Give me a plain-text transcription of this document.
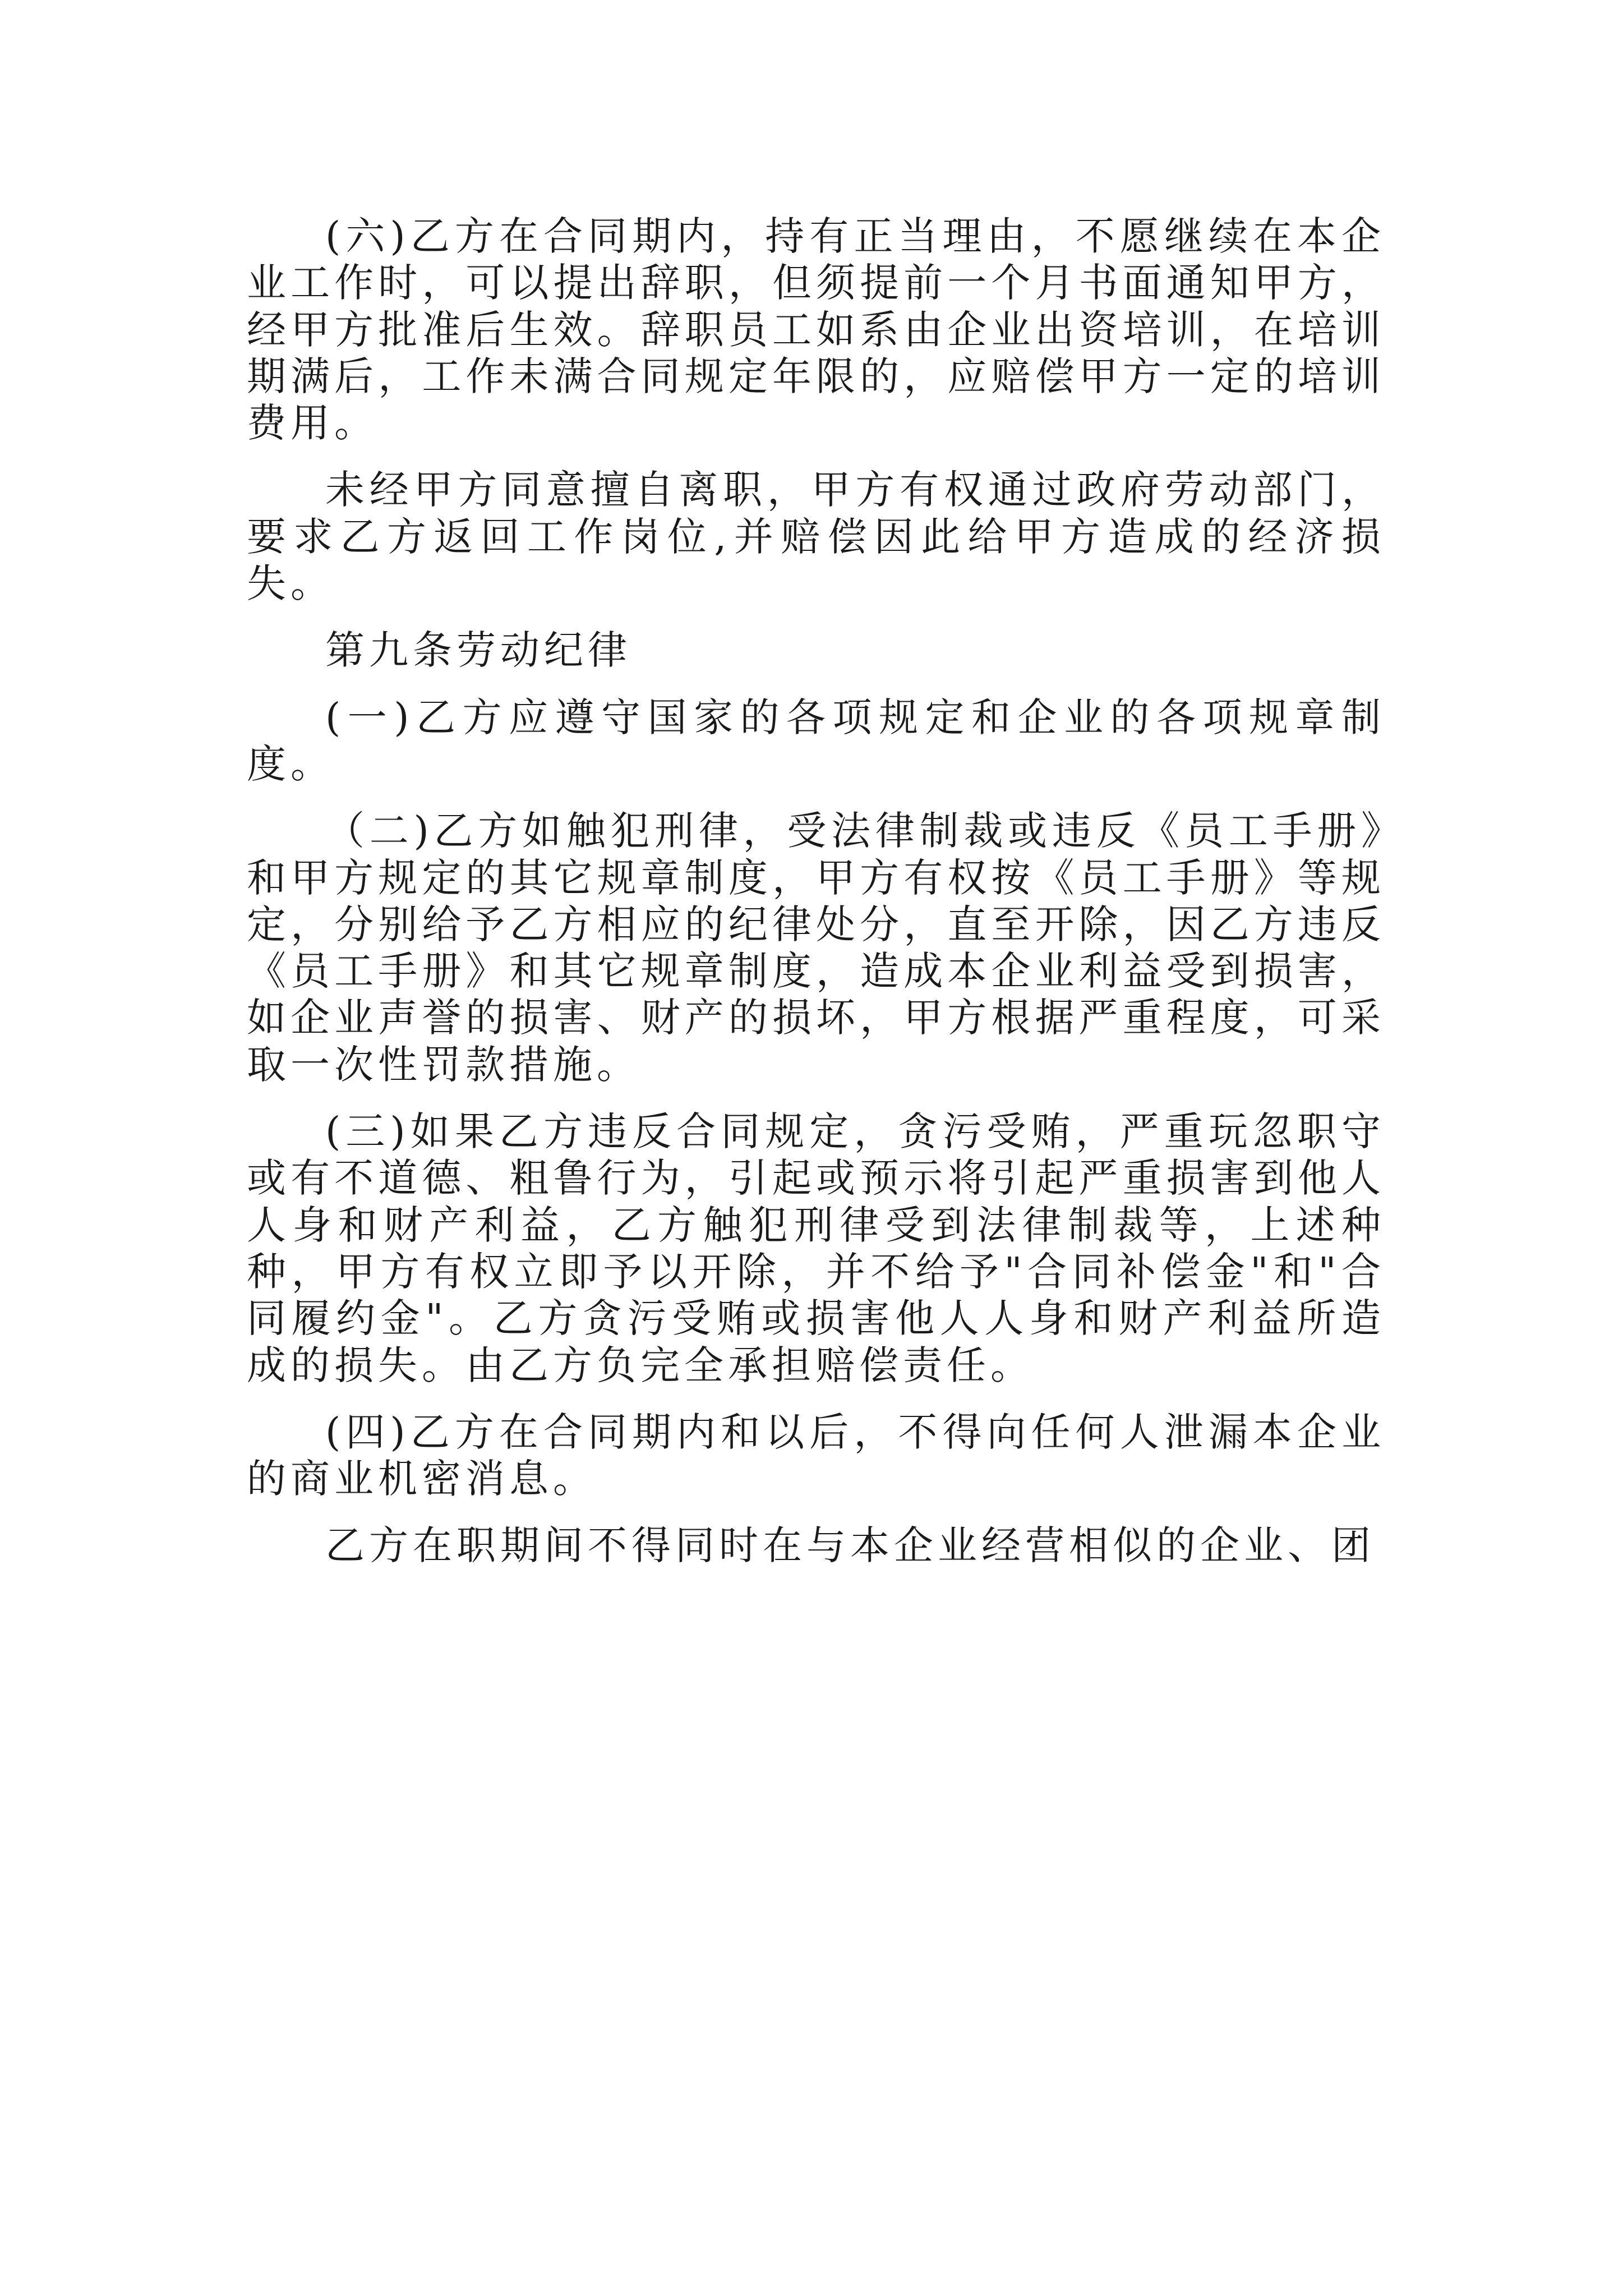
(六)乙方在合同期内，持有正当理由，不愿继续在本企业工作时，可以提出辞职，但须提前一个月书面通知甲方，经甲方批准后生效。辞职员工如系由企业出资培训，在培训期满后，工作未满合同规定年限的，应赔偿甲方一定的培训费用。

未经甲方同意擅自离职，甲方有权通过政府劳动部门，要求乙方返回工作岗位,并赔偿因此给甲方造成的经济损失。

第九条劳动纪律

(一)乙方应遵守国家的各项规定和企业的各项规章制度。

（二)乙方如触犯刑律，受法律制裁或违反《员工手册》和甲方规定的其它规章制度，甲方有权按《员工手册》等规定，分别给予乙方相应的纪律处分，直至开除，因乙方违反《员工手册》和其它规章制度，造成本企业利益受到损害，如企业声誉的损害、财产的损坏，甲方根据严重程度，可采取一次性罚款措施。

(三)如果乙方违反合同规定，贪污受贿，严重玩忽职守或有不道德、粗鲁行为，引起或预示将引起严重损害到他人人身和财产利益，乙方触犯刑律受到法律制裁等，上述种种，甲方有权立即予以开除，并不给予"合同补偿金"和"合同履约金"。乙方贪污受贿或损害他人人身和财产利益所造成的损失。由乙方负完全承担赔偿责任。

(四)乙方在合同期内和以后，不得向任何人泄漏本企业的商业机密消息。

乙方在职期间不得同时在与本企业经营相似的企业、团
